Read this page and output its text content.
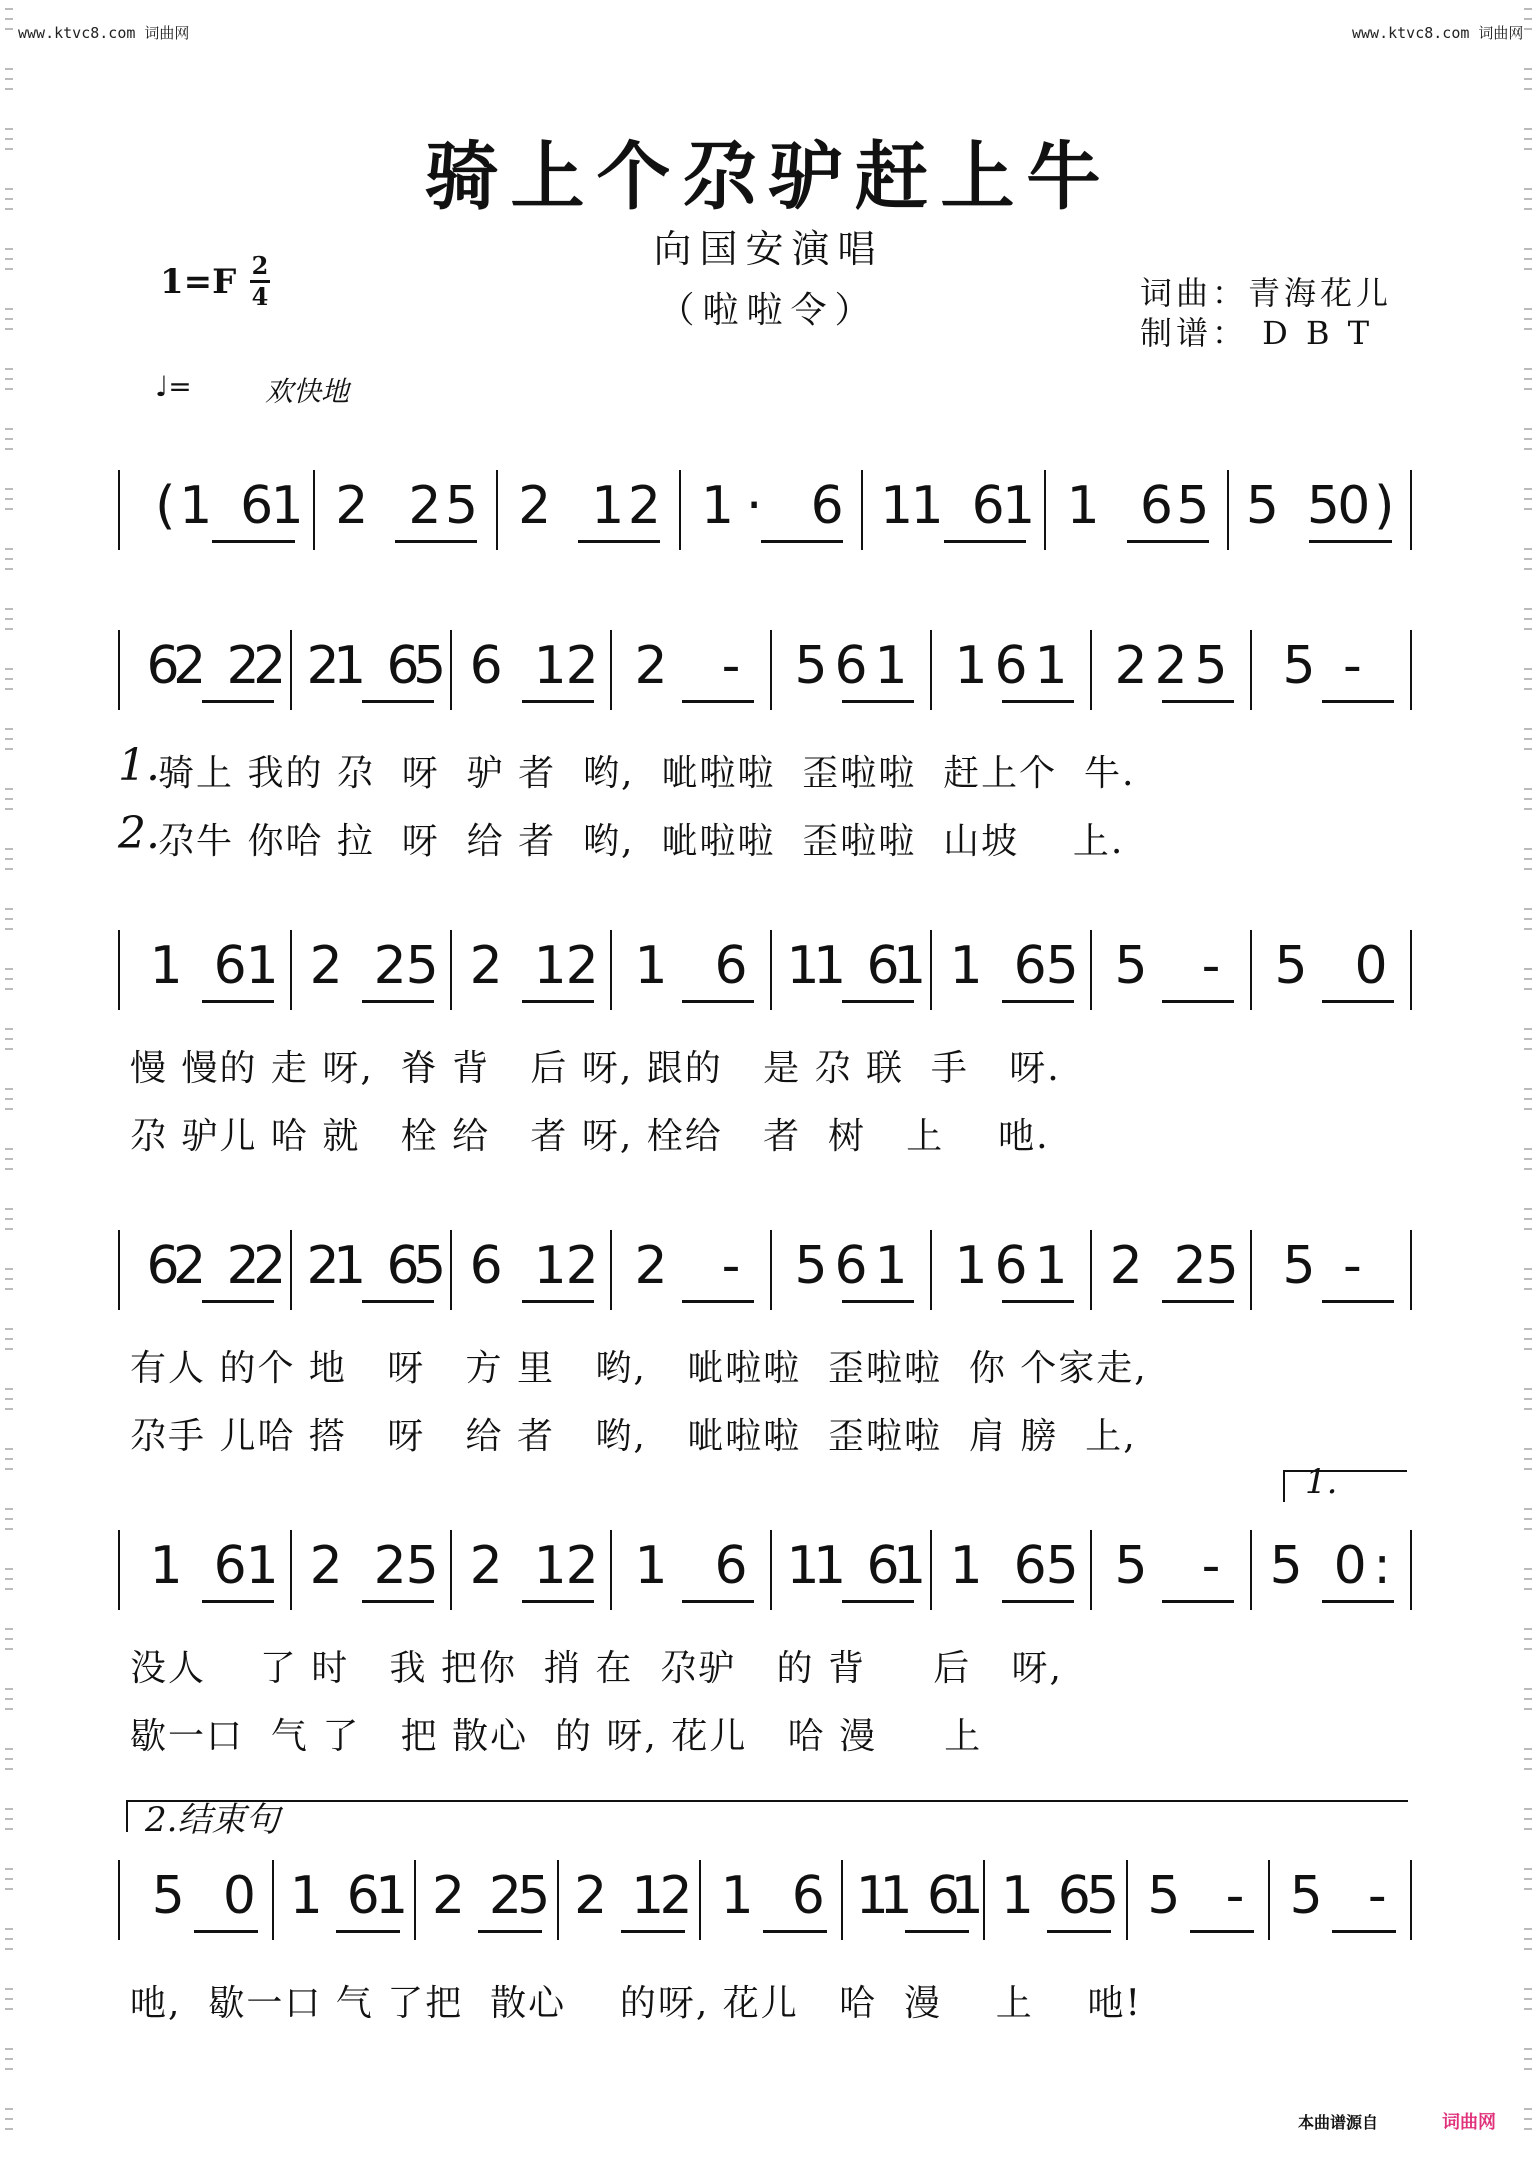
www.ktvc8.com 词曲网	www.ktvc8.com 词曲网
骑上个尕驴赶上牛
向国安演唱
（啦啦令）
1=F 2
4	词曲：青海花儿
制谱： D B T
♩=	欢快地
( 1 6
1 2 2 5 2 1 2 1 · 6 1
1 6
1 1 6 5 5 5
0 )
6
2 2
2 2
1 6
5 6 1
2 2 - 5 6 1 1 6 1 2 2 5 5 -
1 6
1 2 2
5 2 1
2 1 6 1
1 6
1 1 6
5 5 - 5 0
6
2 2
2 2
1 6
5 6 1
2 2 - 5 6 1 1 6 1 2 2
5 5 -
1 6
1 2 2
5 2 1
2 1 6 1
1 6
1 1 6
5 5 - 5 0 :
5 0 1 6
1 2 2
5 2 1
2 1 6 1
1 6
1 1 6
5 5 - 5 -
1.
骑上 我的 尕  呀  驴 者  哟,  呲啦啦  歪啦啦  赶上个  牛.
2.
尕牛 你哈 拉  呀  给 者  哟,  呲啦啦  歪啦啦  山坡    上.
慢 慢的 走 呀,  脊 背   后 呀, 跟的   是 尕 联  手   呀.
尕 驴儿 哈 就   栓 给   者 呀, 栓给   者  树   上    吔.
有人 的个 地   呀   方 里   哟,   呲啦啦  歪啦啦  你 个家走,
尕手 儿哈 搭   呀   给 者   哟,   呲啦啦  歪啦啦  肩 膀  上,
没人    了 时   我 把你  捎 在  尕驴   的 背     后   呀,
歇一口  气 了   把 散心  的 呀, 花儿   哈 漫     上
吔,  歇一口 气 了把  散心    的呀, 花儿   哈  漫    上    吔!
1.
2.结束句
本曲谱源自	词曲网
